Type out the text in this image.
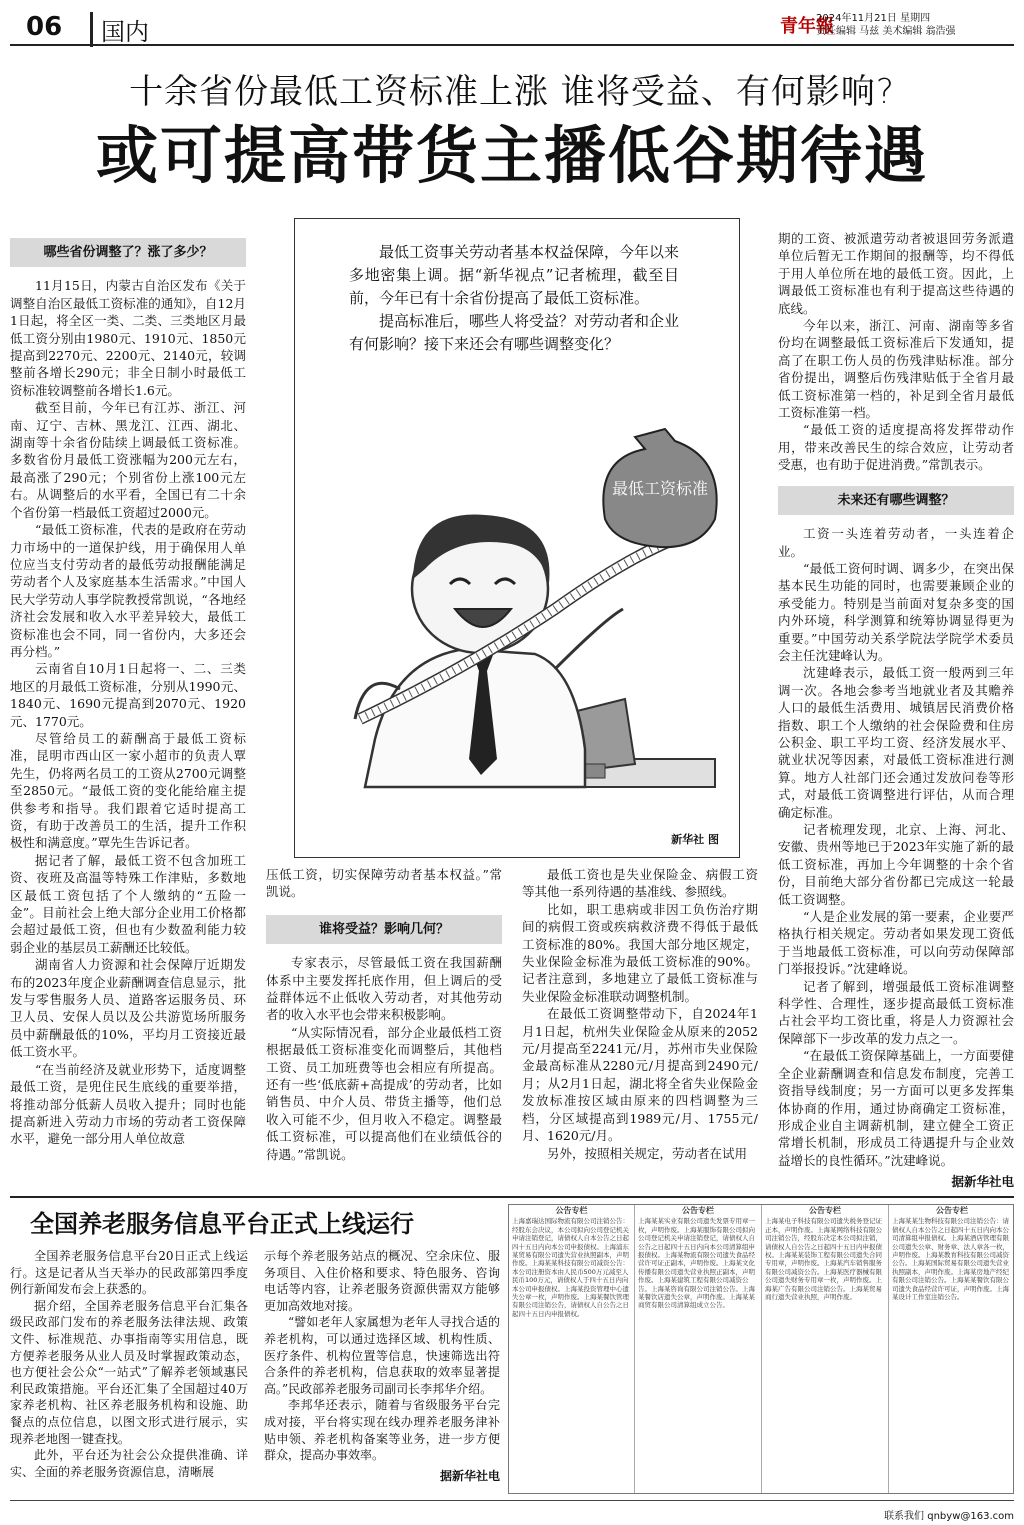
06	国内	青年報
2024年11月21日 星期四
责任编辑 马兹 美术编辑 翁浩强
十余省份最低工资标准上涨 谁将受益、有何影响?
或可提高带货主播低谷期待遇
哪些省份调整了？涨了多少？

11月15日，内蒙古自治区发布《关于调整自治区最低工资标准的通知》，自12月1日起，将全区一类、二类、三类地区月最低工资分别由1980元、1910元、1850元提高到2270元、2200元、2140元，较调整前各增长290元；非全日制小时最低工资标准较调整前各增长1.6元。

截至目前，今年已有江苏、浙江、河南、辽宁、吉林、黑龙江、江西、湖北、湖南等十余省份陆续上调最低工资标准。多数省份月最低工资涨幅为200元左右，最高涨了290元；个别省份上涨100元左右。从调整后的水平看，全国已有二十余个省份第一档最低工资超过2000元。

“最低工资标准，代表的是政府在劳动力市场中的一道保护线，用于确保用人单位应当支付劳动者的最低劳动报酬能满足劳动者个人及家庭基本生活需求。”中国人民大学劳动人事学院教授常凯说，“各地经济社会发展和收入水平差异较大，最低工资标准也会不同，同一省份内，大多还会再分档。”

云南省自10月1日起将一、二、三类地区的月最低工资标准，分别从1990元、1840元、1690元提高到2070元、1920元、1770元。

尽管给员工的薪酬高于最低工资标准，昆明市西山区一家小超市的负责人覃先生，仍将两名员工的工资从2700元调整至2850元。“最低工资的变化能给雇主提供参考和指导。我们跟着它适时提高工资，有助于改善员工的生活，提升工作积极性和满意度。”覃先生告诉记者。

据记者了解，最低工资不包含加班工资、夜班及高温等特殊工作津贴，多数地区最低工资包括了个人缴纳的“五险一金”。目前社会上绝大部分企业用工价格都会超过最低工资，但也有少数盈利能力较弱企业的基层员工薪酬还比较低。

湖南省人力资源和社会保障厅近期发布的2023年度企业薪酬调查信息显示，批发与零售服务人员、道路客运服务员、环卫人员、安保人员以及公共游览场所服务员中薪酬最低的10%，平均月工资接近最低工资水平。

“在当前经济及就业形势下，适度调整最低工资，是兜住民生底线的重要举措，将推动部分低薪人员收入提升；同时也能提高新进入劳动力市场的劳动者工资保障水平，避免一部分用人单位故意

最低工资事关劳动者基本权益保障，今年以来多地密集上调。据“新华视点”记者梳理，截至目前，今年已有十余省份提高了最低工资标准。

提高标准后，哪些人将受益？对劳动者和企业有何影响？接下来还会有哪些调整变化？

最低工资标准
新华社 图

压低工资，切实保障劳动者基本权益。”常凯说。

谁将受益？影响几何？

专家表示，尽管最低工资在我国薪酬体系中主要发挥托底作用，但上调后的受益群体远不止低收入劳动者，对其他劳动者的收入水平也会带来积极影响。

“从实际情况看，部分企业最低档工资根据最低工资标准变化而调整后，其他档工资、员工加班费等也会相应有所提高。还有一些‘低底薪+高提成’的劳动者，比如销售员、中介人员、带货主播等，他们总收入可能不少，但月收入不稳定。调整最低工资标准，可以提高他们在业绩低谷的待遇。”常凯说。

最低工资也是失业保险金、病假工资等其他一系列待遇的基准线、参照线。

比如，职工患病或非因工负伤治疗期间的病假工资或疾病救济费不得低于最低工资标准的80%。我国大部分地区规定，失业保险金标准为最低工资标准的90%。记者注意到，多地建立了最低工资标准与失业保险金标准联动调整机制。

在最低工资调整带动下，自2024年1月1日起，杭州失业保险金从原来的2052元/月提高至2241元/月，苏州市失业保险金最高标准从2280元/月提高到2490元/月；从2月1日起，湖北将全省失业保险金发放标准按区域由原来的四档调整为三档，分区域提高到1989元/月、1755元/月、1620元/月。

另外，按照相关规定，劳动者在试用

期的工资、被派遣劳动者被退回劳务派遣单位后暂无工作期间的报酬等，均不得低于用人单位所在地的最低工资。因此，上调最低工资标准也有利于提高这些待遇的底线。

今年以来，浙江、河南、湖南等多省份均在调整最低工资标准后下发通知，提高了在职工伤人员的伤残津贴标准。部分省份提出，调整后伤残津贴低于全省月最低工资标准第一档的，补足到全省月最低工资标准第一档。

“最低工资的适度提高将发挥带动作用，带来改善民生的综合效应，让劳动者受惠，也有助于促进消费。”常凯表示。

未来还有哪些调整？

工资一头连着劳动者，一头连着企业。

“最低工资何时调、调多少，在突出保基本民生功能的同时，也需要兼顾企业的承受能力。特别是当前面对复杂多变的国内外环境，科学测算和统筹协调显得更为重要。”中国劳动关系学院法学院学术委员会主任沈建峰认为。

沈建峰表示，最低工资一般两到三年调一次。各地会参考当地就业者及其赡养人口的最低生活费用、城镇居民消费价格指数、职工个人缴纳的社会保险费和住房公积金、职工平均工资、经济发展水平、就业状况等因素，对最低工资标准进行测算。地方人社部门还会通过发放问卷等形式，对最低工资调整进行评估，从而合理确定标准。

记者梳理发现，北京、上海、河北、安徽、贵州等地已于2023年实施了新的最低工资标准，再加上今年调整的十余个省份，目前绝大部分省份都已完成这一轮最低工资调整。

“人是企业发展的第一要素，企业要严格执行相关规定。劳动者如果发现工资低于当地最低工资标准，可以向劳动保障部门举报投诉。”沈建峰说。

记者了解到，增强最低工资标准调整科学性、合理性，逐步提高最低工资标准占社会平均工资比重，将是人力资源社会保障部下一步改革的发力点之一。

“在最低工资保障基础上，一方面要健全企业薪酬调查和信息发布制度，完善工资指导线制度；另一方面可以更多发挥集体协商的作用，通过协商确定工资标准，形成企业自主调薪机制，建立健全工资正常增长机制，形成员工待遇提升与企业效益增长的良性循环。”沈建峰说。

据新华社电

全国养老服务信息平台正式上线运行

全国养老服务信息平台20日正式上线运行。这是记者从当天举办的民政部第四季度例行新闻发布会上获悉的。

据介绍，全国养老服务信息平台汇集各级民政部门发布的养老服务法律法规、政策文件、标准规范、办事指南等实用信息，既方便养老服务从业人员及时掌握政策动态，也方便社会公众“一站式”了解养老领域惠民利民政策措施。平台还汇集了全国超过40万家养老机构、社区养老服务机构和设施、助餐点的点位信息，以图文形式进行展示，实现养老地图一键查找。

此外，平台还为社会公众提供准确、详实、全面的养老服务资源信息，清晰展

示每个养老服务站点的概况、空余床位、服务项目、入住价格和要求、特色服务、咨询电话等内容，让养老服务资源供需双方能够更加高效地对接。

“譬如老年人家属想为老年人寻找合适的养老机构，可以通过选择区域、机构性质、医疗条件、机构位置等信息，快速筛选出符合条件的养老机构，信息获取的效率显著提高。”民政部养老服务司副司长李邦华介绍。

李邦华还表示，随着与省级服务平台完成对接，平台将实现在线办理养老服务津补贴申领、养老机构备案等业务，进一步方便群众，提高办事效率。

据新华社电

公告专栏
上海嘉瑞达国际物流有限公司注销公告：经股东会决议，本公司拟向公司登记机关申请注销登记，请债权人自本公告之日起四十五日内向本公司申报债权。上海浦东某贸易有限公司遗失营业执照副本，声明作废。上海某某科技有限公司减资公告：本公司注册资本由人民币500万元减至人民币100万元，请债权人于四十五日内向本公司申报债权。上海某投资管理中心遗失公章一枚，声明作废。上海某餐饮管理有限公司注销公告，请债权人自公告之日起四十五日内申报债权。
公告专栏
上海某某实业有限公司遗失发票专用章一枚，声明作废。上海某服饰有限公司拟向公司登记机关申请注销登记，请债权人自公告之日起四十五日内向本公司清算组申报债权。上海某物流有限公司遗失食品经营许可证正副本，声明作废。上海某文化传播有限公司遗失营业执照正副本，声明作废。上海某建筑工程有限公司减资公告。上海某咨询有限公司注销公告。上海某餐饮店遗失公章，声明作废。上海某某商贸有限公司清算组成立公告。
公告专栏
上海某电子科技有限公司遗失税务登记证正本，声明作废。上海某网络科技有限公司注销公告，经股东决定本公司拟注销，请债权人自公告之日起四十五日内申报债权。上海某某装饰工程有限公司遗失合同专用章，声明作废。上海某汽车销售服务有限公司减资公告。上海某医疗器械有限公司遗失财务专用章一枚，声明作废。上海某广告有限公司注销公告。上海某贸易商行遗失营业执照，声明作废。
公告专栏
上海某某生物科技有限公司注销公告：请债权人自本公告之日起四十五日内向本公司清算组申报债权。上海某酒店管理有限公司遗失公章、财务章、法人章各一枚，声明作废。上海某教育科技有限公司减资公告。上海某国际贸易有限公司遗失营业执照副本，声明作废。上海某房地产经纪有限公司注销公告。上海某某餐饮有限公司遗失食品经营许可证，声明作废。上海某设计工作室注销公告。
联系我们 qnbyw@163.com
